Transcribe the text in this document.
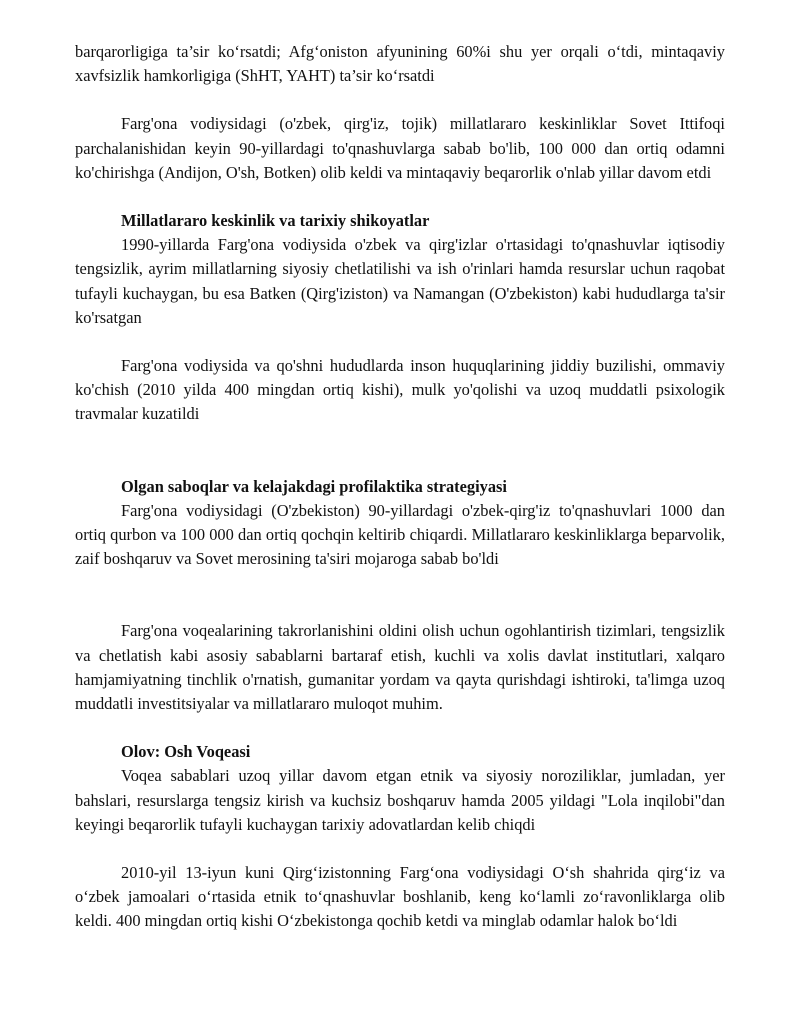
barqarorligiga ta’sir ko‘rsatdi; Afg‘oniston afyunining 60%i shu yer orqali o‘tdi, mintaqaviy xavfsizlik hamkorligiga (ShHT, YAHT) ta’sir ko‘rsatdi

Farg'ona vodiysidagi (o'zbek, qirg'iz, tojik) millatlararo keskinliklar Sovet Ittifoqi parchalanishidan keyin 90-yillardagi to'qnashuvlarga sabab bo'lib, 100 000 dan ortiq odamni ko'chirishga (Andijon, O'sh, Botken) olib keldi va mintaqaviy beqarorlik o'nlab yillar davom etdi

Millatlararo keskinlik va tarixiy shikoyatlar

1990-yillarda Farg'ona vodiysida o'zbek va qirg'izlar o'rtasidagi to'qnashuvlar iqtisodiy tengsizlik, ayrim millatlarning siyosiy chetlatilishi va ish o'rinlari hamda resurslar uchun raqobat tufayli kuchaygan, bu esa Batken (Qirg'iziston) va Namangan (O'zbekiston) kabi hududlarga ta'sir ko'rsatgan

Farg'ona vodiysida va qo'shni hududlarda inson huquqlarining jiddiy buzilishi, ommaviy ko'chish (2010 yilda 400 mingdan ortiq kishi), mulk yo'qolishi va uzoq muddatli psixologik travmalar kuzatildi

Olgan saboqlar va kelajakdagi profilaktika strategiyasi

Farg'ona vodiysidagi (O'zbekiston) 90-yillardagi o'zbek-qirg'iz to'qnashuvlari 1000 dan ortiq qurbon va 100 000 dan ortiq qochqin keltirib chiqardi. Millatlararo keskinliklarga beparvolik, zaif boshqaruv va Sovet merosining ta'siri mojaroga sabab bo'ldi

Farg'ona voqealarining takrorlanishini oldini olish uchun ogohlantirish tizimlari, tengsizlik va chetlatish kabi asosiy sabablarni bartaraf etish, kuchli va xolis davlat institutlari, xalqaro hamjamiyatning tinchlik o'rnatish, gumanitar yordam va qayta qurishdagi ishtiroki, ta'limga uzoq muddatli investitsiyalar va millatlararo muloqot muhim.

Olov: Osh Voqeasi

Voqea sabablari uzoq yillar davom etgan etnik va siyosiy noroziliklar, jumladan, yer bahslari, resurslarga tengsiz kirish va kuchsiz boshqaruv hamda 2005 yildagi "Lola inqilobi"dan keyingi beqarorlik tufayli kuchaygan tarixiy adovatlardan kelib chiqdi

2010-yil 13-iyun kuni Qirg‘izistonning Farg‘ona vodiysidagi O‘sh shahrida qirg‘iz va o‘zbek jamoalari o‘rtasida etnik to‘qnashuvlar boshlanib, keng ko‘lamli zo‘ravonliklarga olib keldi. 400 mingdan ortiq kishi O‘zbekistonga qochib ketdi va minglab odamlar halok bo‘ldi
